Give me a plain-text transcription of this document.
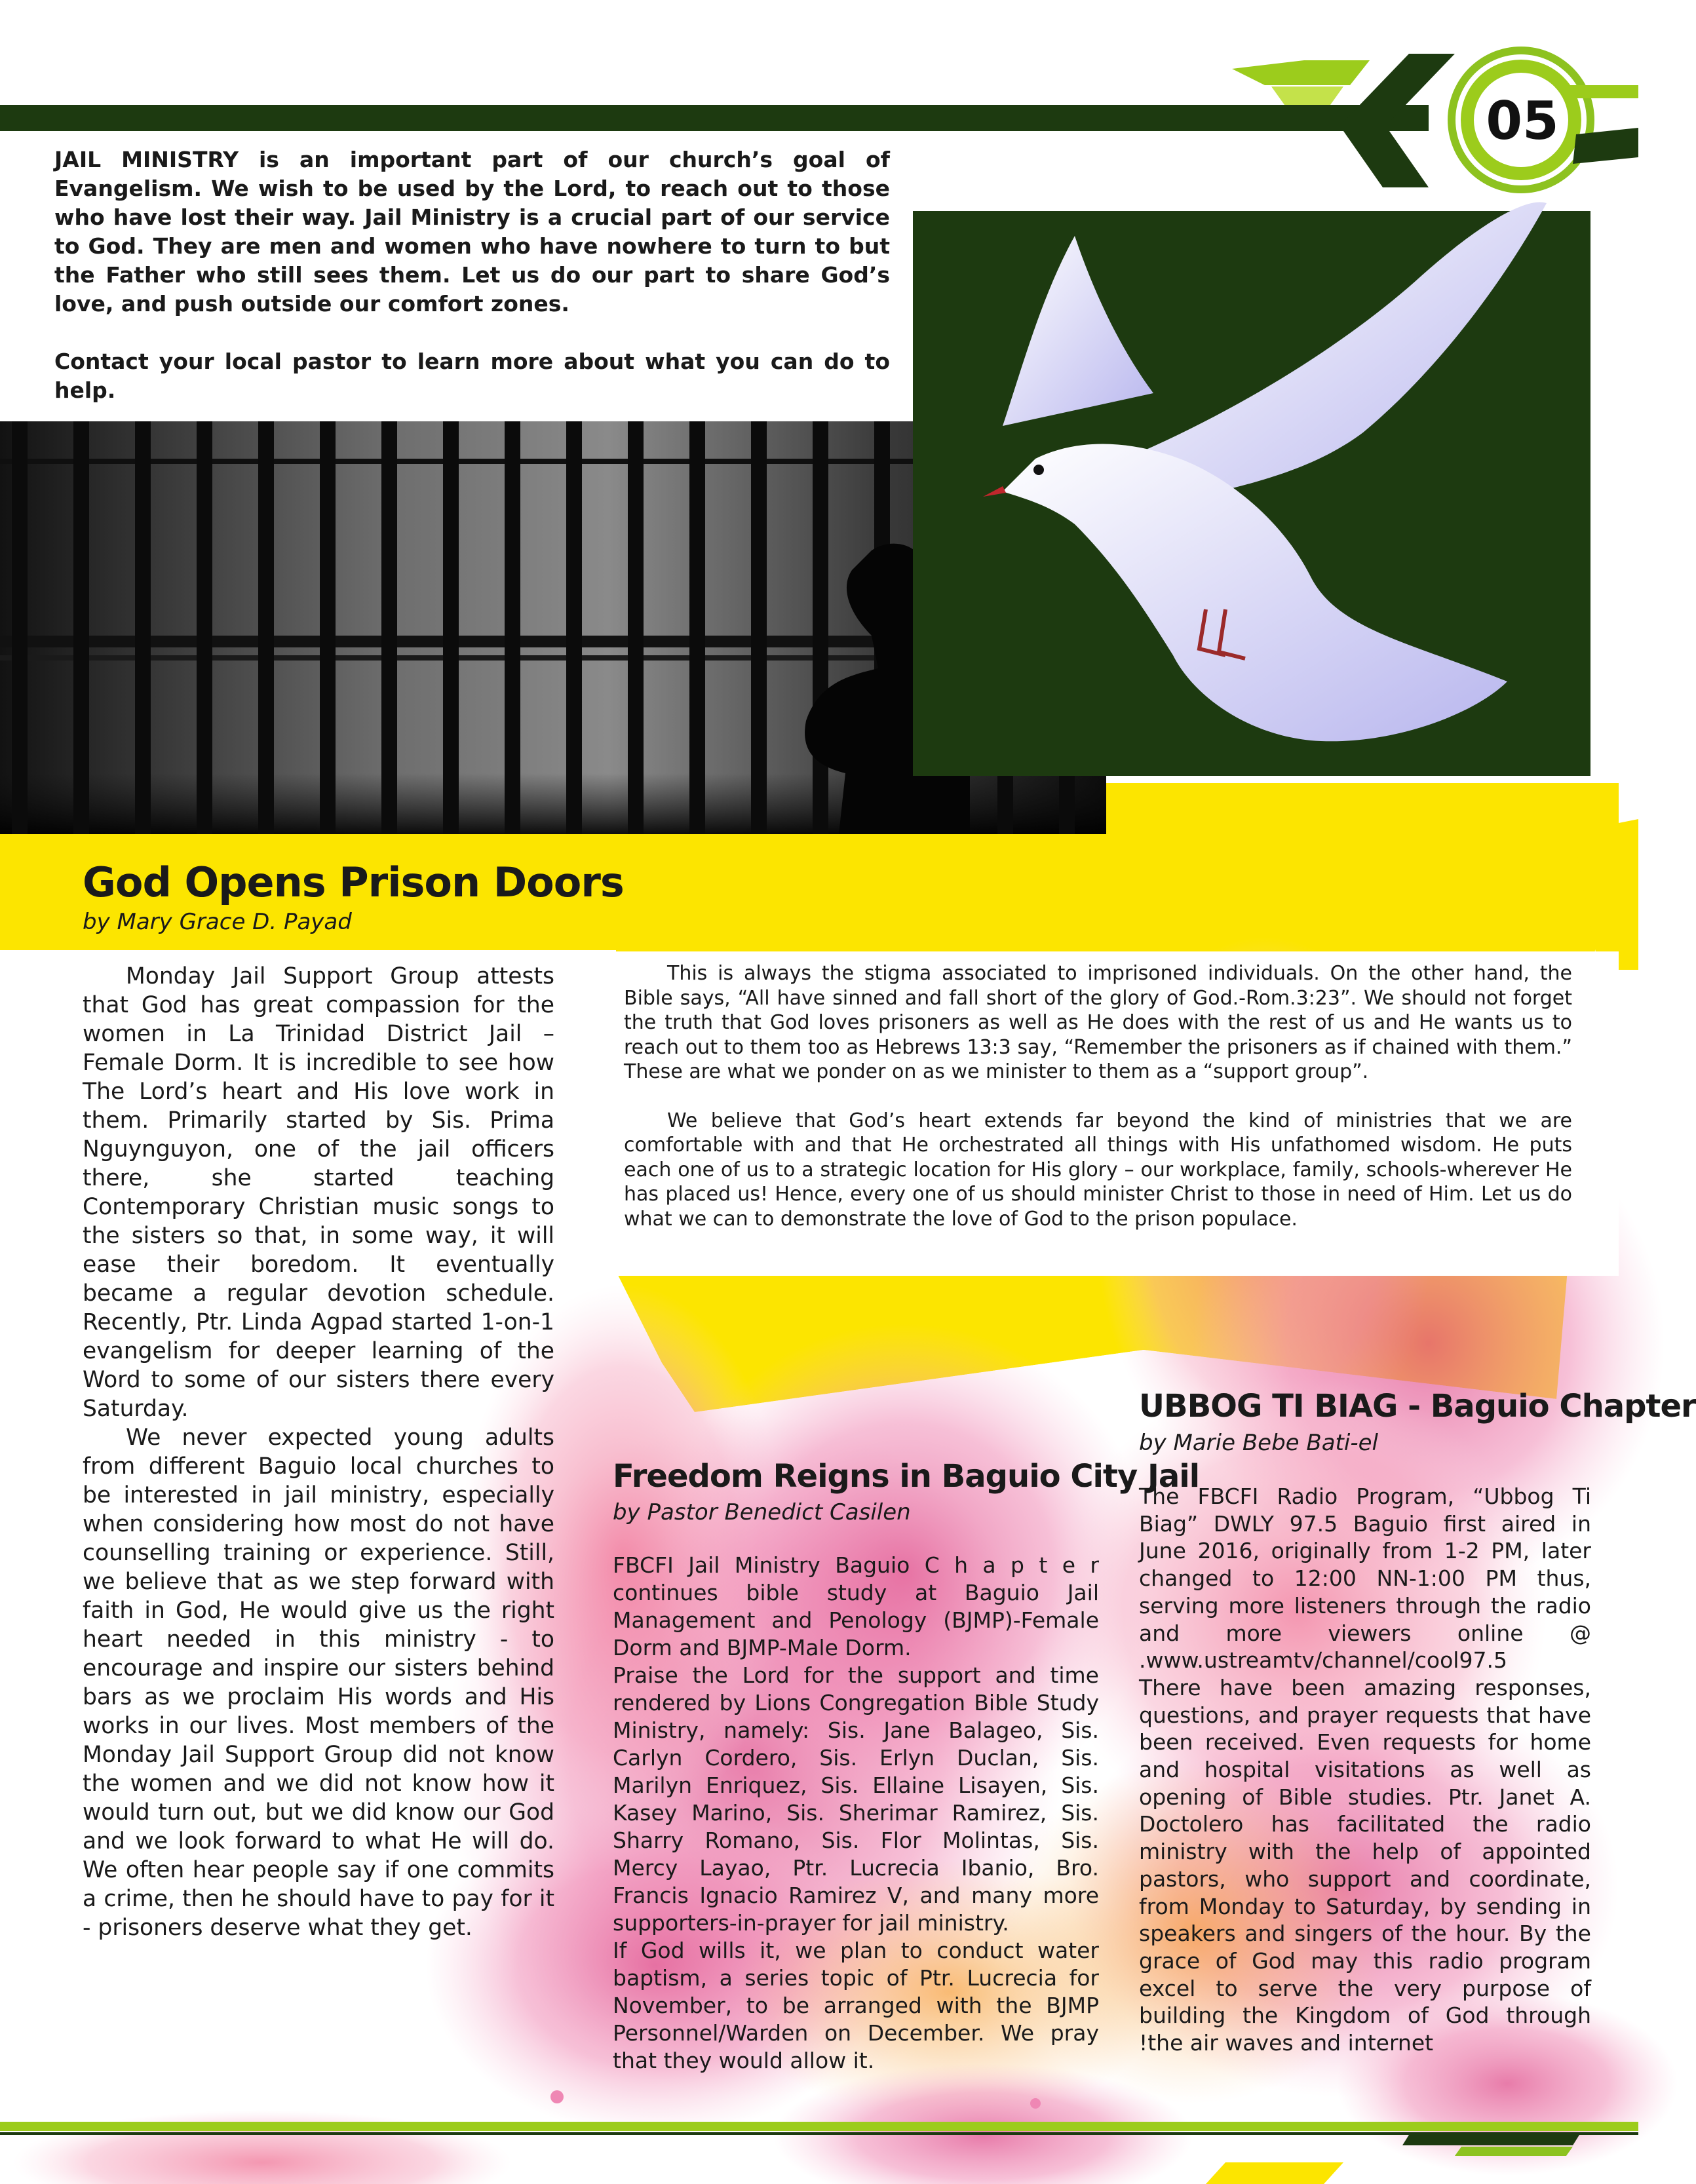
05

JAIL MINISTRY is an important part of our church’s goal of Evangelism. We wish to be used by the Lord, to reach out to those who have lost their way. Jail Ministry is a crucial part of our service to God. They are men and women who have nowhere to turn to but the Father who still sees them. Let us do our part to share God’s love, and push outside our comfort zones.

Contact your local pastor to learn more about what you can do to help.

God Opens Prison Doors
by Mary Grace D. Payad

Monday Jail Support Group attests that God has great compassion for the women in La Trinidad District Jail – Female Dorm. It is incredible to see how The Lord’s heart and His love work in them. Primarily started by Sis. Prima Nguynguyon, one of the jail officers there, she started teaching Contemporary Christian music songs to the sisters so that, in some way, it will ease their boredom. It eventually became a regular devotion schedule. Recently, Ptr. Linda Agpad started 1-on-1 evangelism for deeper learning of the Word to some of our sisters there every Saturday.

We never expected young adults from different Baguio local churches to be interested in jail ministry, especially when considering how most do not have counselling training or experience. Still, we believe that as we step forward with faith in God, He would give us the right heart needed in this ministry - to encourage and inspire our sisters behind bars as we proclaim His words and His works in our lives. Most members of the Monday Jail Support Group did not know the women and we did not know how it would turn out, but we did know our God and we look forward to what He will do. We often hear people say if one commits a crime, then he should have to pay for it - prisoners deserve what they get.

This is always the stigma associated to imprisoned individuals. On the other hand, the Bible says, “All have sinned and fall short of the glory of God.-Rom.3:23”. We should not forget the truth that God loves prisoners as well as He does with the rest of us and He wants us to reach out to them too as Hebrews 13:3 say, “Remember the prisoners as if chained with them.” These are what we ponder on as we minister to them as a “support group”.

We believe that God’s heart extends far beyond the kind of ministries that we are comfortable with and that He orchestrated all things with His unfathomed wisdom. He puts each one of us to a strategic location for His glory – our workplace, family, schools-wherever He has placed us! Hence, every one of us should minister Christ to those in need of Him. Let us do what we can to demonstrate the love of God to the prison populace.

Freedom Reigns in Baguio City Jail
by Pastor Benedict Casilen

FBCFI Jail Ministry Baguio C h a p t e r continues bible study at Baguio Jail Management and Penology (BJMP)-Female Dorm and BJMP-Male Dorm.

Praise the Lord for the support and time rendered by Lions Congregation Bible Study Ministry, namely: Sis. Jane Balageo, Sis. Carlyn Cordero, Sis. Erlyn Duclan, Sis. Marilyn Enriquez, Sis. Ellaine Lisayen, Sis. Kasey Marino, Sis. Sherimar Ramirez, Sis. Sharry Romano, Sis. Flor Molintas, Sis. Mercy Layao, Ptr. Lucrecia Ibanio, Bro. Francis Ignacio Ramirez V, and many more supporters-in-prayer for jail ministry.

If God wills it, we plan to conduct water baptism, a series topic of Ptr. Lucrecia for November, to be arranged with the BJMP Personnel/Warden on December. We pray that they would allow it.

UBBOG TI BIAG - Baguio Chapter
by Marie Bebe Bati-el

The FBCFI Radio Program, “Ubbog Ti Biag” DWLY 97.5 Baguio first aired in June 2016, originally from 1-2 PM, later changed to 12:00 NN-1:00 PM thus, serving more listeners through the radio and more viewers online @ .www.ustreamtv/channel/cool97.5

There have been amazing responses, questions, and prayer requests that have been received. Even requests for home and hospital visitations as well as opening of Bible studies. Ptr. Janet A. Doctolero has facilitated the radio ministry with the help of appointed pastors, who support and coordinate, from Monday to Saturday, by sending in speakers and singers of the hour. By the grace of God may this radio program excel to serve the very purpose of building the Kingdom of God through !the air waves and internet
